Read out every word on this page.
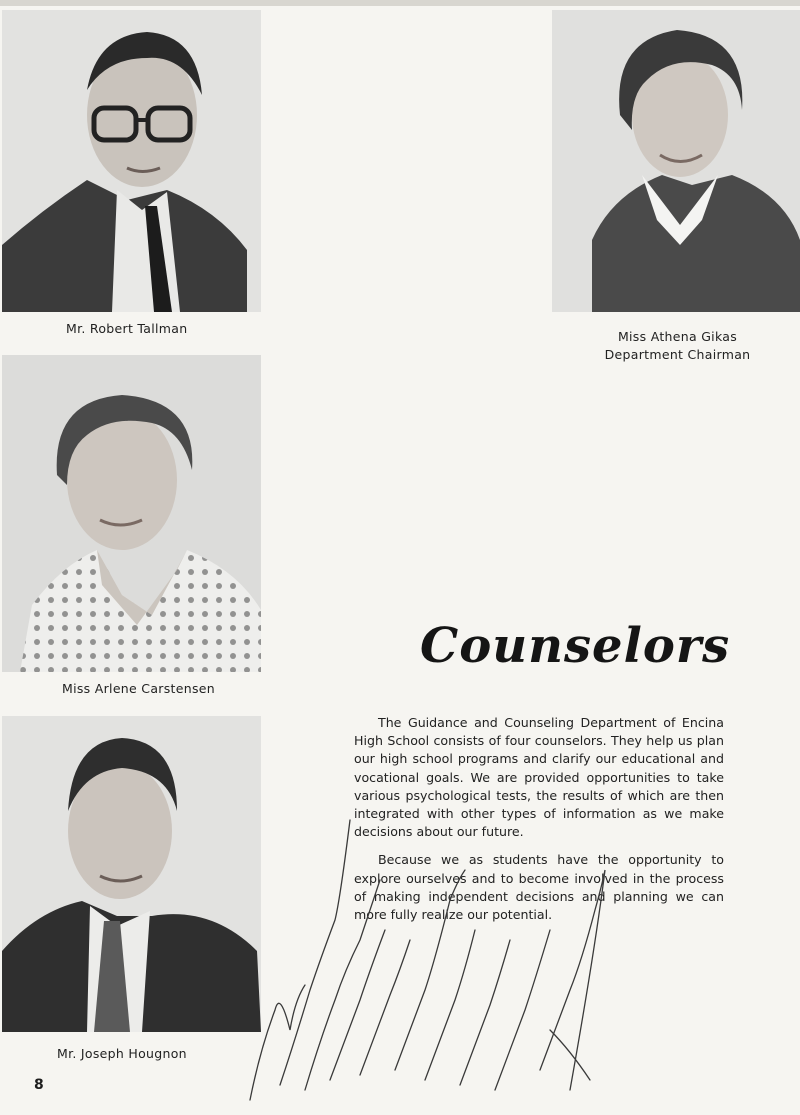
Mr. Robert Tallman
Miss Athena Gikas
Department Chairman
Miss Arlene Carstensen
Mr. Joseph Hougnon
Counselors

The Guidance and Counseling Department of Encina High School consists of four counselors. They help us plan our high school programs and clarify our educational and vocational goals. We are provided opportunities to take various psychological tests, the results of which are then integrated with other types of information as we make decisions about our future.

Because we as students have the opportunity to explore ourselves and to become involved in the process of making independent decisions and planning we can more fully realize our potential.

8
